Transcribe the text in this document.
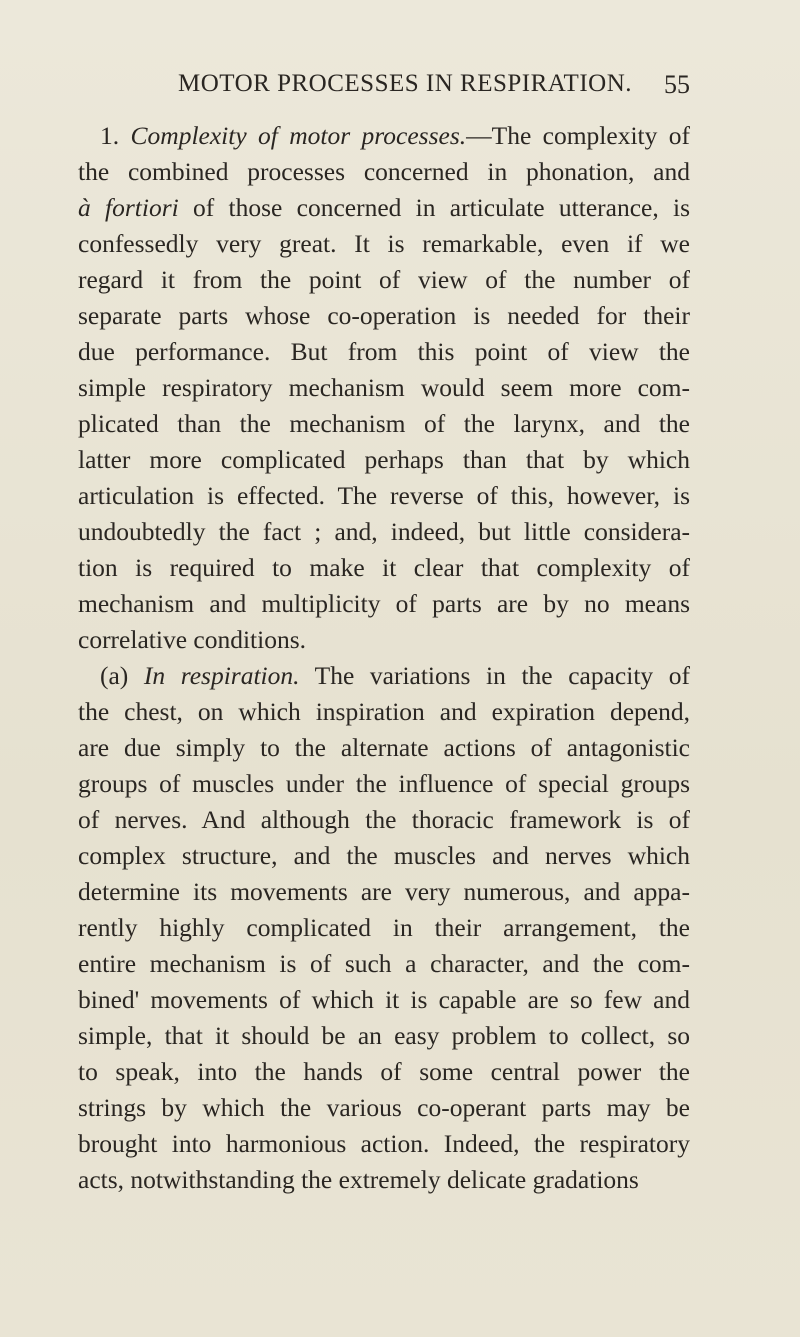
MOTOR PROCESSES IN RESPIRATION. 55
1. Complexity of motor processes.—The complexity of
the combined processes concerned in phonation, and
à fortiori of those concerned in articulate utterance, is
confessedly very great. It is remarkable, even if we
regard it from the point of view of the number of
separate parts whose co-operation is needed for their
due performance. But from this point of view the
simple respiratory mechanism would seem more com-
plicated than the mechanism of the larynx, and the
latter more complicated perhaps than that by which
articulation is effected. The reverse of this, however, is
undoubtedly the fact ; and, indeed, but little considera-
tion is required to make it clear that complexity of
mechanism and multiplicity of parts are by no means
correlative conditions.
(a) In respiration. The variations in the capacity of
the chest, on which inspiration and expiration depend,
are due simply to the alternate actions of antagonistic
groups of muscles under the influence of special groups
of nerves. And although the thoracic framework is of
complex structure, and the muscles and nerves which
determine its movements are very numerous, and appa-
rently highly complicated in their arrangement, the
entire mechanism is of such a character, and the com-
bined' movements of which it is capable are so few and
simple, that it should be an easy problem to collect, so
to speak, into the hands of some central power the
strings by which the various co-operant parts may be
brought into harmonious action. Indeed, the respiratory
acts, notwithstanding the extremely delicate gradations
